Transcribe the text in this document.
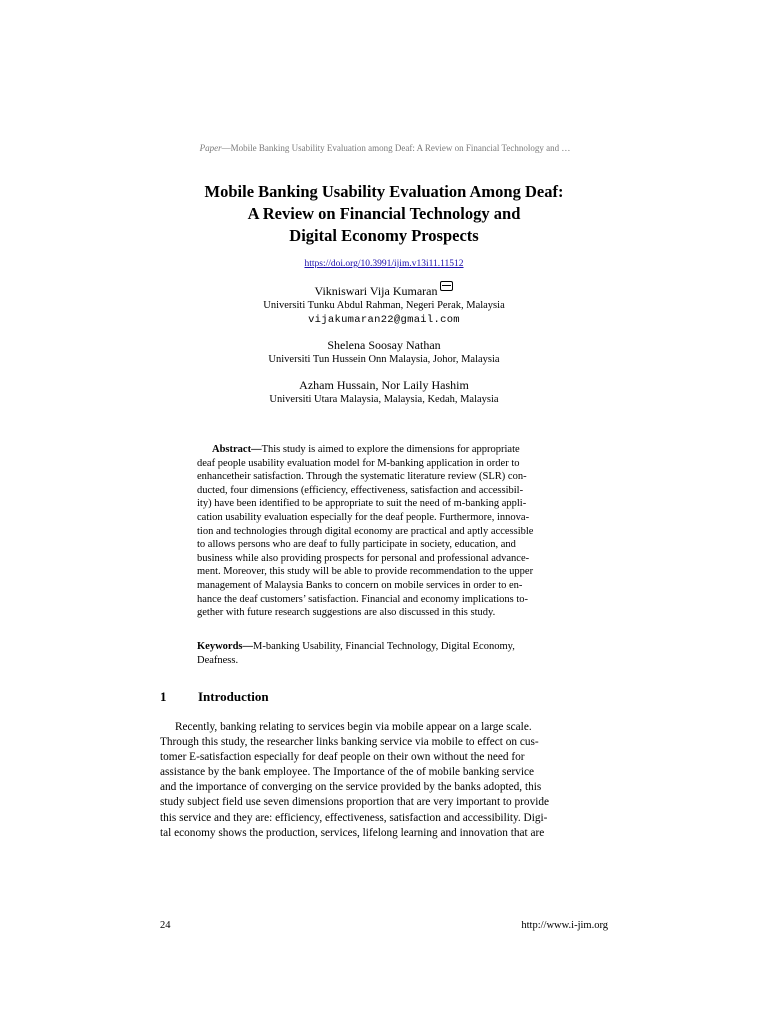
Paper—Mobile Banking Usability Evaluation among Deaf: A Review on Financial Technology and …
Mobile Banking Usability Evaluation Among Deaf:
A Review on Financial Technology and
Digital Economy Prospects
https://doi.org/10.3991/ijim.v13i11.11512
Vikniswari Vija Kumaran
Universiti Tunku Abdul Rahman, Negeri Perak, Malaysia
vijakumaran22@gmail.com
Shelena Soosay Nathan
Universiti Tun Hussein Onn Malaysia, Johor, Malaysia
Azham Hussain, Nor Laily Hashim
Universiti Utara Malaysia, Malaysia, Kedah, Malaysia
Abstract—This study is aimed to explore the dimensions for appropriate
deaf people usability evaluation model for M-banking application in order to
enhancetheir satisfaction. Through the systematic literature review (SLR) con-
ducted, four dimensions (efficiency, effectiveness, satisfaction and accessibil-
ity) have been identified to be appropriate to suit the need of m-banking appli-
cation usability evaluation especially for the deaf people. Furthermore, innova-
tion and technologies through digital economy are practical and aptly accessible
to allows persons who are deaf to fully participate in society, education, and
business while also providing prospects for personal and professional advance-
ment. Moreover, this study will be able to provide recommendation to the upper
management of Malaysia Banks to concern on mobile services in order to en-
hance the deaf customers’ satisfaction. Financial and economy implications to-
gether with future research suggestions are also discussed in this study.
Keywords—M-banking Usability, Financial Technology, Digital Economy,
Deafness.
1 Introduction
Recently, banking relating to services begin via mobile appear on a large scale.
Through this study, the researcher links banking service via mobile to effect on cus-
tomer E-satisfaction especially for deaf people on their own without the need for
assistance by the bank employee. The Importance of the of mobile banking service
and the importance of converging on the service provided by the banks adopted, this
study subject field use seven dimensions proportion that are very important to provide
this service and they are: efficiency, effectiveness, satisfaction and accessibility. Digi-
tal economy shows the production, services, lifelong learning and innovation that are
24	http://www.i-jim.org
